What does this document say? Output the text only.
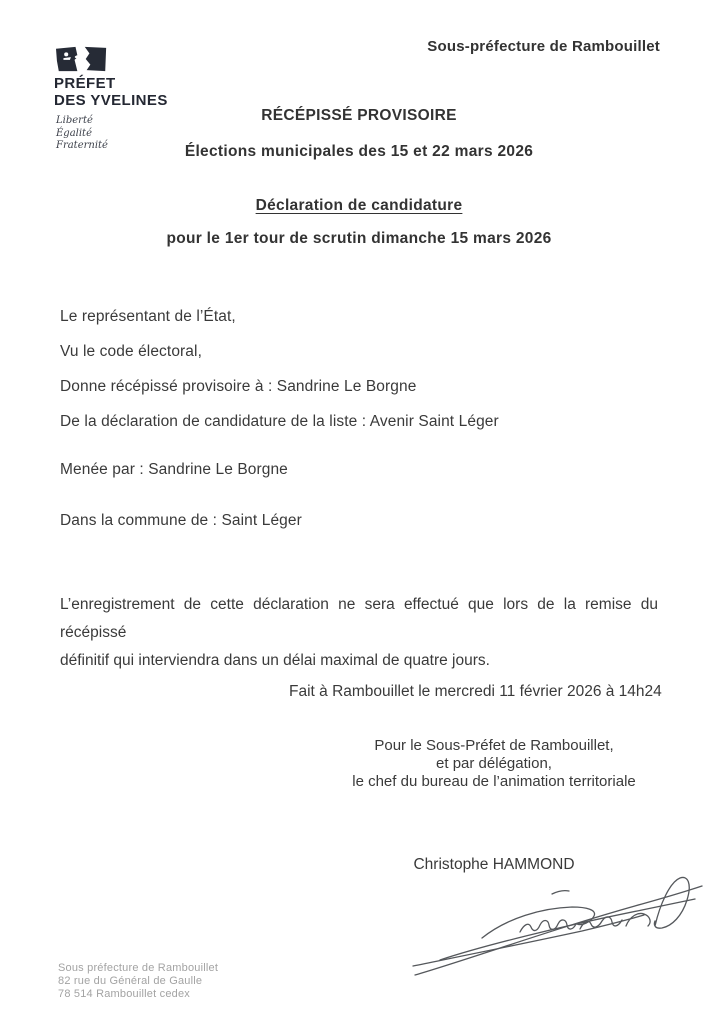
Sous-préfecture de Rambouillet
PRÉFET
DES YVELINES
Liberté
Égalité
Fraternité
RÉCÉPISSÉ PROVISOIRE
Élections municipales des 15 et 22 mars 2026
Déclaration de candidature
pour le 1er tour de scrutin dimanche 15 mars 2026
Le représentant de l’État,
Vu le code électoral,
Donne récépissé provisoire à : Sandrine Le Borgne
De la déclaration de candidature de la liste : Avenir Saint Léger
Menée par : Sandrine Le Borgne
Dans la commune de : Saint Léger
L’enregistrement de cette déclaration ne sera effectué que lors de la remise du récépissé
définitif qui interviendra dans un délai maximal de quatre jours.
Fait à Rambouillet le mercredi 11 février 2026 à 14h24
Pour le Sous-Préfet de Rambouillet,
et par délégation,
le chef du bureau de l’animation territoriale
Christophe HAMMOND
Sous préfecture de Rambouillet
82 rue du Général de Gaulle
78 514 Rambouillet cedex
